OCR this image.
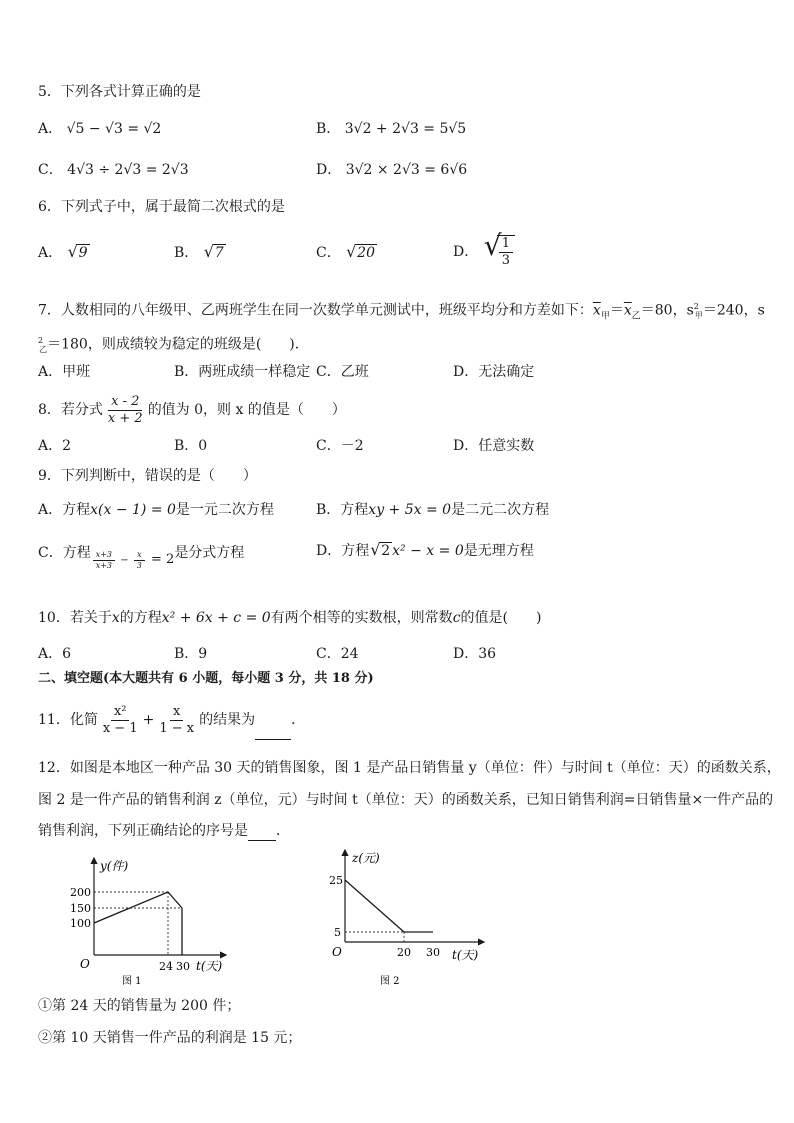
5．下列各式计算正确的是
A． √5 − √3 = √2	B． 3√2 + 2√3 = 5√5
C． 4√3 ÷ 2√3 = 2√3	D． 3√2 × 2√3 = 6√6
6．下列式子中，属于最简二次根式的是
A． √ 9	B． √ 7	C． √ 20	D． √
$\frac{1}{3}$
7．人数相同的八年级甲、乙两班学生在同一次数学单元测试中，班级平均分和方差如下：$\overline{x}_甲=\overline{x}_乙=80$，$s^2_甲=240$，s
$^2_乙$＝180，则成绩较为稳定的班级是(　　)．
A．甲班	B．两班成绩一样稳定 C．乙班	D．无法确定
8．若分式 $\frac{x - 2}{x + 2}$ 的值为 0，则 x 的值是（　　）
A．2	B．0	C．－2	D．任意实数
9．下列判断中，错误的是（　　）
A．方程x(x − 1) = 0是一元二次方程	B．方程xy + 5x = 0是二元二次方程
C．方程 $\frac{x+3}{x+3} - \frac{x}{3} = 2$是分式方程	D．方程 √ 2 x² − x = 0是无理方程
10．若关于x的方程x² + 6x + c = 0有两个相等的实数根，则常数c的值是(　　)
A．6	B．9	C．24	D．36
二、填空题(本大题共有 6 小题，每小题 3 分，共 18 分)
11．化简 $\frac{\text{x²}}{x - 1} + \frac{x}{1 - x}$ 的结果为	．
12．如图是本地区一种产品 30 天的销售图象，图 1 是产品日销售量 y（单位：件）与时间 t（单位：天）的函数关系，
图 2 是一件产品的销售利润 z（单位，元）与时间 t（单位：天）的函数关系，已知日销售利润=日销售量×一件产品的
销售利润，下列正确结论的序号是 ．
y(件)
t(天)
O
200
150
100
24 30
图 1
z(元)
t(天)
O
25
5
20 30
图 2
①第 24 天的销售量为 200 件；
②第 10 天销售一件产品的利润是 15 元；
